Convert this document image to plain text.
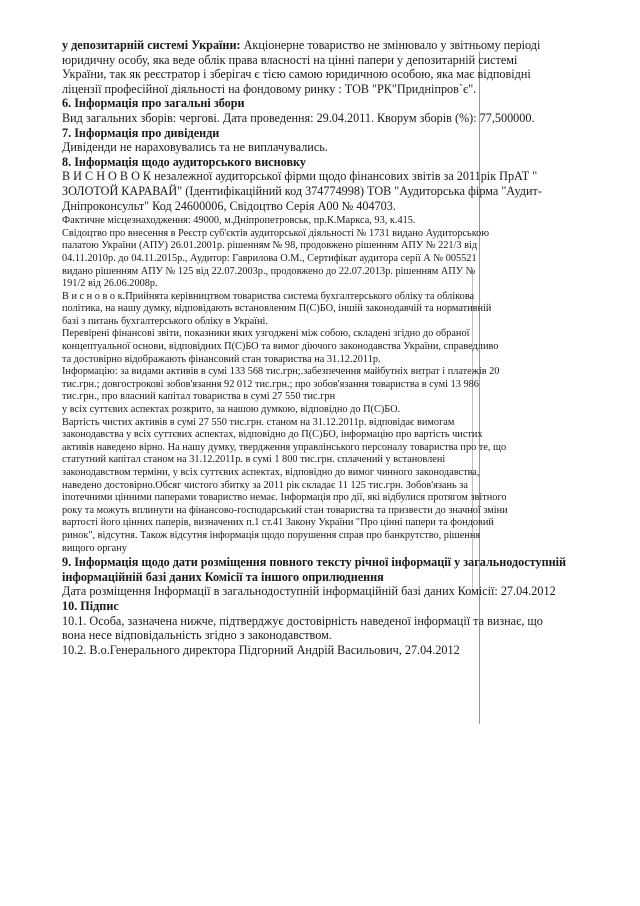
у депозитарній системі України: Акціонерне товариство не змінювало у звітньому періоді

юридичну особу, яка веде облік права власності на цінні папери у депозитарній системі

України, так як реєстратор і зберігач є тією самою юридичною особою, яка має відповідні

ліцензії професійної діяльності на фондовому ринку : ТОВ "РК"Придніпров`є".

6. Інформація про загальні збори

Вид загальних зборів: чергові. Дата проведення: 29.04.2011. Кворум зборів (%): 77,500000.

7. Інформація про дивіденди

Дивіденди не нараховувались та не виплачувались.

8. Інформація щодо аудиторського висновку

В И С Н О В О К незалежної аудиторської фірми щодо фінансових звітів за 2011рік ПрАТ "

ЗОЛОТОЙ КАРАВАЙ" (Ідентифікаційний код 374774998) ТОВ "Аудиторська фірма "Аудит-

Дніпроконсульт" Код 24600006, Свідоцтво Серія А00 № 404703.

Фактичне місцезнаходження: 49000, м.Дніпропетровськ, пр.К.Маркса, 93, к.415.

Свідоцтво про внесення в Реєстр суб'єктів аудиторської діяльності № 1731 видано Аудиторською

палатою України (АПУ) 26.01.2001р. рішенням № 98, продовжено рішенням АПУ № 221/3 від

04.11.2010р. до 04.11.2015р., Аудитор: Гаврилова О.М., Сертифікат аудитора серії А № 005521

видано рішенням АПУ № 125 від 22.07.2003р., продовжено до 22.07.2013р. рішенням АПУ №

191/2 від 26.06.2008р.

В и с н о в о к.Прийнята керівництвом товариства система бухгалтерського обліку та облікова

політика, на нашу думку, відповідають встановленим П(С)БО, іншій законодавчій та нормативній

базі з питань бухгалтерського обліку в Україні.

Перевірені фінансові звіти, показники яких узгоджені між собою, складені згідно до обраної

концептуальної основи, відповідних П(С)БО та вимог діючого законодавства України, справедливо

та достовірно відображають фінансовий стан товариства на 31.12.2011р.

Інформацію: за видами активів в сумі 133 568 тис.грн;.забезпечення майбутніх витрат і платежів 20

тис.грн.; довгострокові зобов'язання 92 012 тис.грн.; про зобов'язання товариства в сумі 13 986

тис.грн., про власний капітал товариства в сумі 27 550 тис.грн

у всіх суттєвих аспектах розкрито, за нашою думкою, відповідно до П(С)БО.

Вартість чистих активів в сумі 27 550 тис.грн. станом на 31.12.2011р. відповідає вимогам

законодавства у всіх суттєвих аспектах, відповідно до П(С)БО, інформацію про вартість чистих

активів наведено вірно. На нашу думку, твердження управлінського персоналу товариства про те, що

статутний капітал станом на 31.12.2011р. в сумі 1 800 тис.грн. сплачений у встановлені

законодавством терміни, у всіх суттєвих аспектах, відповідно до вимог чинного законодавства,

наведено достовірно.Обсяг чистого збитку за 2011 рік складає 11 125 тис.грн. Зобов'язань за

іпотечними цінними паперами товариство немає. Інформація про дії, які відбулися протягом звітного

року та можуть вплинути на фінансово-господарський стан товариства та призвести до значної зміни

вартості його цінних паперів, визначених п.1 ст.41 Закону України "Про цінні папери та фондовий

ринок", відсутня. Також відсутня інформація щодо порушення справ про банкрутство, рішення

вищого органу

9. Інформація щодо дати розміщення повного тексту річної інформації у загальнодоступній

інформаційній базі даних Комісії та іншого оприлюднення

Дата розміщення Інформації в загальнодоступній інформаційній базі даних Комісії: 27.04.2012

10. Підпис

10.1. Особа, зазначена нижче, підтверджує достовірність наведеної інформації та визнає, що

вона несе відповідальність згідно з законодавством.

10.2. В.о.Генерального директора Підгорний Андрій Васильович, 27.04.2012
